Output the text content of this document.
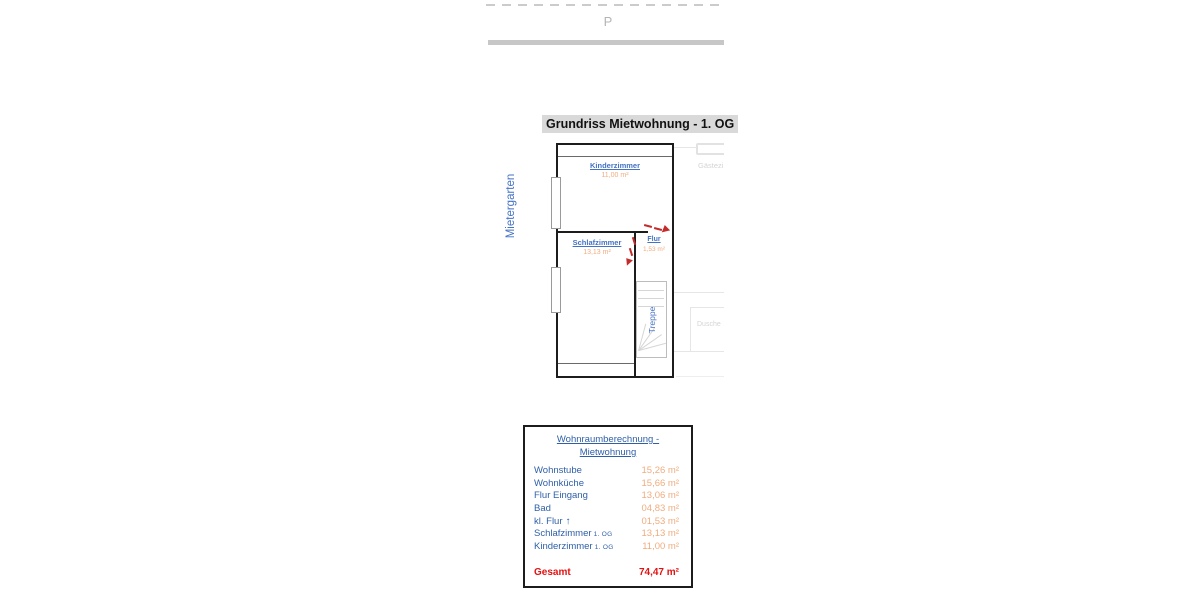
P
Grundriss Mietwohnung - 1. OG
Mietergarten
Treppe
Kinderzimmer
11,00 m²
Schlafzimmer
13,13 m²
Flur
1,53 m²
Gästezi
Dusche
Wohnraumberechnung -
Mietwohnung
Wohnstube	15,26 m²
Wohnküche	15,66 m²
Flur Eingang	13,06 m²
Bad	04,83 m²
kl. Flur ↑	01,53 m²
Schlafzimmer 1. OG	13,13 m²
Kinderzimmer 1. OG	11,00 m²
Gesamt	74,47 m²
